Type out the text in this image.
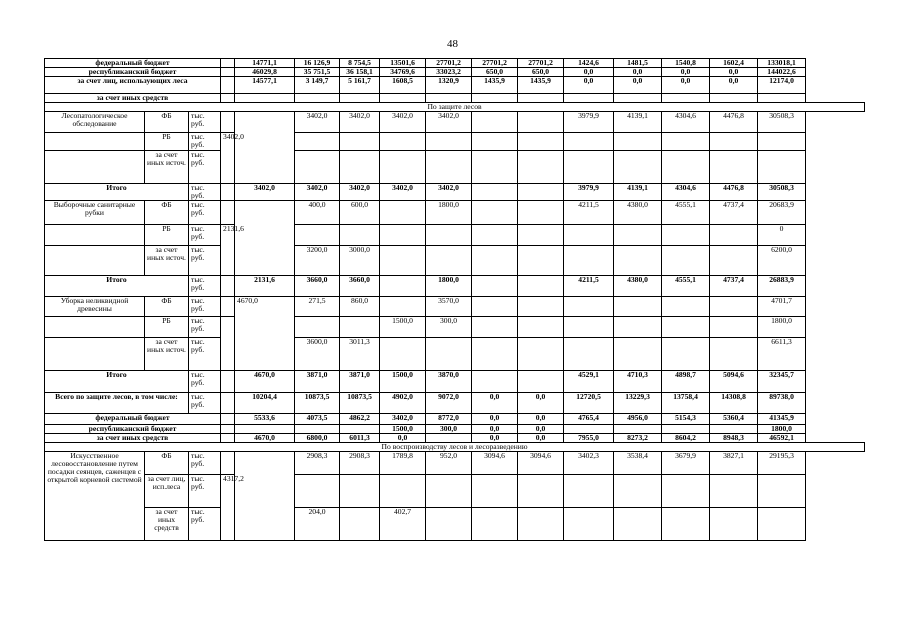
48
федеральный бюджет				14771,1	16 126,9	8 754,5	13501,6	27701,2	27701,2	27701,2	1424,6	1481,5	1540,8	1602,4	133018,1
республиканский бюджет				46029,8	35 751,5	36 158,1	34769,6	33023,2	650,0	650,0	0,0	0,0	0,0	0,0	144022,6
за счет лиц, использующих леса				14577,1	3 149,7	5 161,7	1608,5	1320,9	1435,9	1435,9	0,0	0,0	0,0	0,0	12174,0
за счет иных средств															
По защите лесов															
Лесопатологическое обследование	ФБ	тыс. руб.			3402,0	3402,0	3402,0	3402,0			3979,9	4139,1	4304,6	4476,8	30508,3
	РБ	тыс. руб.	3402,0												
	за счет иных источ.	тыс. руб.													
Итого		тыс. руб.		3402,0	3402,0	3402,0	3402,0	3402,0			3979,9	4139,1	4304,6	4476,8	30508,3
Выборочные санитарные рубки	ФБ	тыс. руб.			400,0	600,0		1800,0			4211,5	4380,0	4555,1	4737,4	20683,9
	РБ	тыс. руб.	2131,6												0
	за счет иных источ.	тыс. руб.			3200,0	3000,0									6200,0
Итого		тыс. руб.		2131,6	3660,0	3660,0		1800,0			4211,5	4380,0	4555,1	4737,4	26883,9
Уборка неликвидной древесины	ФБ	тыс. руб.		4670,0	271,5	860,0		3570,0							4701,7
	РБ	тыс. руб.					1500,0	300,0							1800,0
	за счет иных источ.	тыс. руб.			3600,0	3011,3									6611,3
Итого		тыс. руб.		4670,0	3871,0	3871,0	1500,0	3870,0			4529,1	4710,3	4898,7	5094,6	32345,7
Всего по защите лесов, в том числе:		тыс. руб.		10204,4	10873,5	10873,5	4902,0	9072,0	0,0	0,0	12720,5	13229,3	13758,4	14308,8	89738,0
федеральный бюджет				5533,6	4073,5	4862,2	3402,0	8772,0	0,0	0,0	4765,4	4956,0	5154,3	5360,4	41345,9
республиканский бюджет							1500,0	300,0	0,0	0,0					1800,0
за счет иных средств				4670,0	6800,0	6011,3	0,0		0,0	0,0	7955,0	8273,2	8604,2	8948,3	46592,1
По воспроизводству лесов и лесоразведению															
Искусственное лесовосстановление путем посадки сеянцев, саженцев с открытой корневой системой	ФБ	тыс. руб.			2908,3	2908,3	1789,8	952,0	3094,6	3094,6	3402,3	3538,4	3679,9	3827,1	29195,3
	за счет лиц, исп.леса	тыс. руб.	4317,2												
	за счет иных средств	тыс. руб.			204,0		402,7								
